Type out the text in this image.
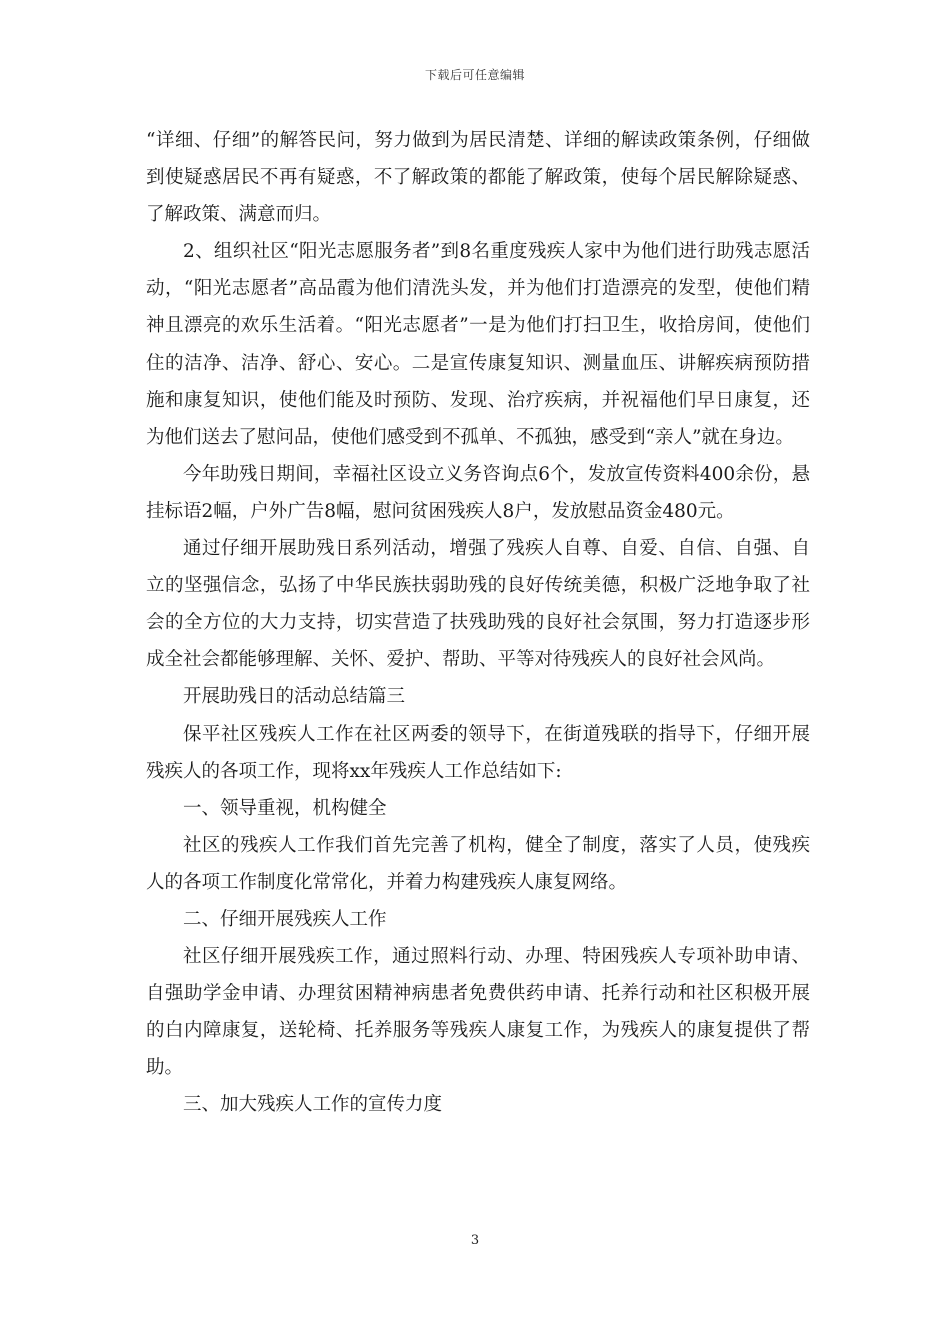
下载后可任意编辑

“详细、仔细”的解答民问，努力做到为居民清楚、详细的解读政策条例，仔细做到使疑惑居民不再有疑惑，不了解政策的都能了解政策，使每个居民解除疑惑、了解政策、满意而归。

2、组织社区“阳光志愿服务者”到8名重度残疾人家中为他们进行助残志愿活动，“阳光志愿者”高品霞为他们清洗头发，并为他们打造漂亮的发型，使他们精神且漂亮的欢乐生活着。“阳光志愿者”一是为他们打扫卫生，收拾房间，使他们住的洁净、洁净、舒心、安心。二是宣传康复知识、测量血压、讲解疾病预防措施和康复知识，使他们能及时预防、发现、治疗疾病，并祝福他们早日康复，还为他们送去了慰问品，使他们感受到不孤单、不孤独，感受到“亲人”就在身边。

今年助残日期间，幸福社区设立义务咨询点6个，发放宣传资料400余份，悬挂标语2幅，户外广告8幅，慰问贫困残疾人8户，发放慰品资金480元。

通过仔细开展助残日系列活动，增强了残疾人自尊、自爱、自信、自强、自立的坚强信念，弘扬了中华民族扶弱助残的良好传统美德，积极广泛地争取了社会的全方位的大力支持，切实营造了扶残助残的良好社会氛围，努力打造逐步形成全社会都能够理解、关怀、爱护、帮助、平等对待残疾人的良好社会风尚。

开展助残日的活动总结篇三

保平社区残疾人工作在社区两委的领导下，在街道残联的指导下，仔细开展残疾人的各项工作，现将xx年残疾人工作总结如下:

一、领导重视，机构健全

社区的残疾人工作我们首先完善了机构，健全了制度，落实了人员，使残疾人的各项工作制度化常常化，并着力构建残疾人康复网络。

二、仔细开展残疾人工作

社区仔细开展残疾工作，通过照料行动、办理、特困残疾人专项补助申请、自强助学金申请、办理贫困精神病患者免费供药申请、托养行动和社区积极开展的白内障康复，送轮椅、托养服务等残疾人康复工作，为残疾人的康复提供了帮助。

三、加大残疾人工作的宣传力度

3
